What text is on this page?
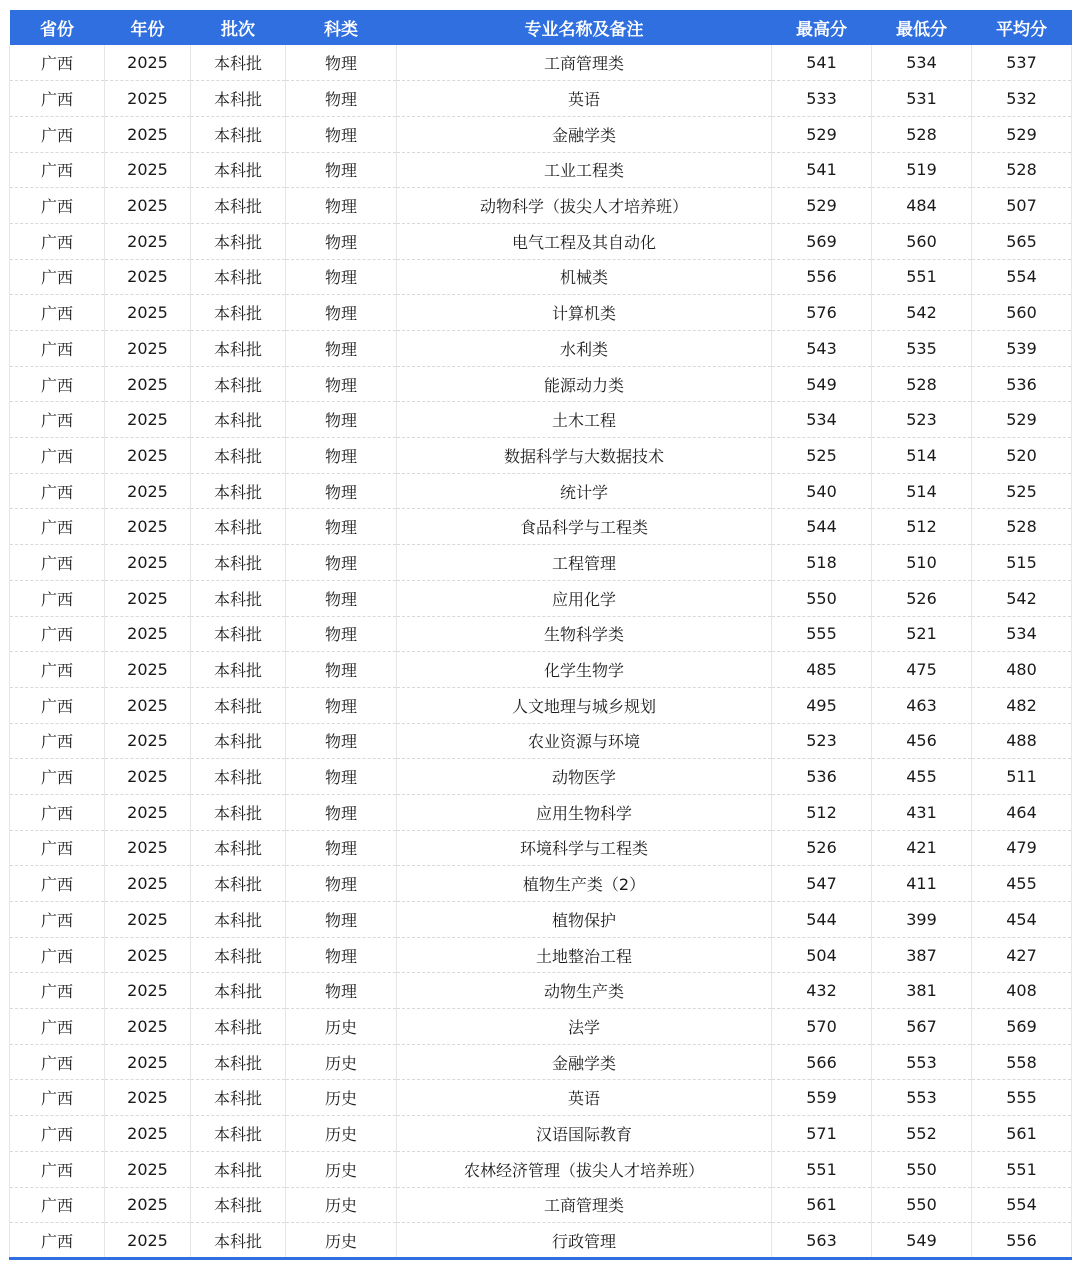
省份	年份	批次	科类	专业名称及备注	最高分	最低分	平均分
广西	2025	本科批	物理	工商管理类	541	534	537
广西	2025	本科批	物理	英语	533	531	532
广西	2025	本科批	物理	金融学类	529	528	529
广西	2025	本科批	物理	工业工程类	541	519	528
广西	2025	本科批	物理	动物科学（拔尖人才培养班）	529	484	507
广西	2025	本科批	物理	电气工程及其自动化	569	560	565
广西	2025	本科批	物理	机械类	556	551	554
广西	2025	本科批	物理	计算机类	576	542	560
广西	2025	本科批	物理	水利类	543	535	539
广西	2025	本科批	物理	能源动力类	549	528	536
广西	2025	本科批	物理	土木工程	534	523	529
广西	2025	本科批	物理	数据科学与大数据技术	525	514	520
广西	2025	本科批	物理	统计学	540	514	525
广西	2025	本科批	物理	食品科学与工程类	544	512	528
广西	2025	本科批	物理	工程管理	518	510	515
广西	2025	本科批	物理	应用化学	550	526	542
广西	2025	本科批	物理	生物科学类	555	521	534
广西	2025	本科批	物理	化学生物学	485	475	480
广西	2025	本科批	物理	人文地理与城乡规划	495	463	482
广西	2025	本科批	物理	农业资源与环境	523	456	488
广西	2025	本科批	物理	动物医学	536	455	511
广西	2025	本科批	物理	应用生物科学	512	431	464
广西	2025	本科批	物理	环境科学与工程类	526	421	479
广西	2025	本科批	物理	植物生产类（2）	547	411	455
广西	2025	本科批	物理	植物保护	544	399	454
广西	2025	本科批	物理	土地整治工程	504	387	427
广西	2025	本科批	物理	动物生产类	432	381	408
广西	2025	本科批	历史	法学	570	567	569
广西	2025	本科批	历史	金融学类	566	553	558
广西	2025	本科批	历史	英语	559	553	555
广西	2025	本科批	历史	汉语国际教育	571	552	561
广西	2025	本科批	历史	农林经济管理（拔尖人才培养班）	551	550	551
广西	2025	本科批	历史	工商管理类	561	550	554
广西	2025	本科批	历史	行政管理	563	549	556
